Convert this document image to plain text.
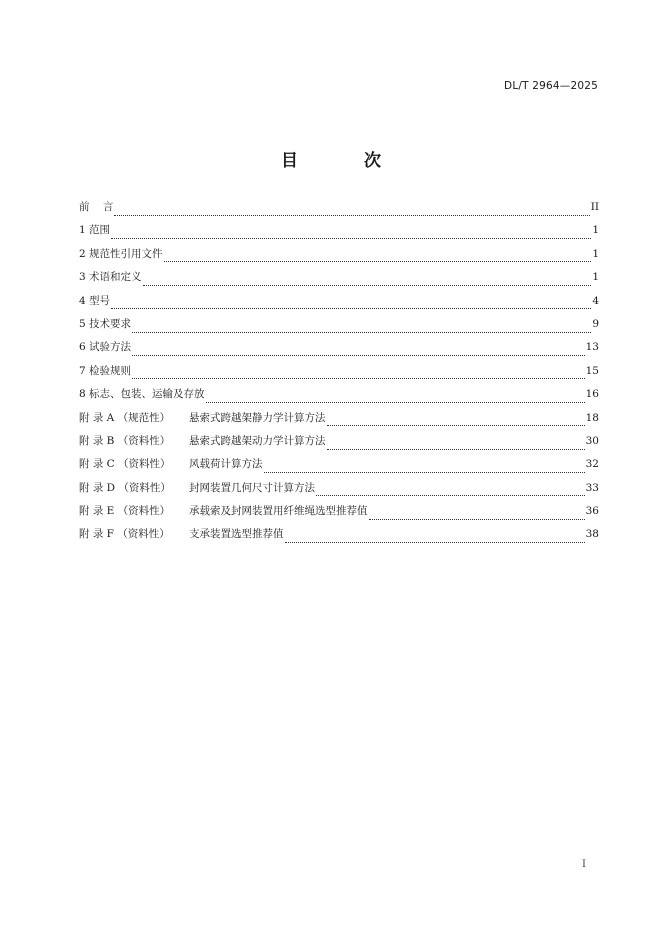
DL/T 2964—2025
目 次
前    言	II
1 范围	1
2 规范性引用文件	1
3 术语和定义	1
4 型号	4
5 技术要求	9
6 试验方法	13
7 检验规则	15
8 标志、包装、运输及存放	16
附 录 A （规范性） 悬索式跨越架静力学计算方法	18
附 录 B （资料性） 悬索式跨越架动力学计算方法	30
附 录 C （资料性） 风载荷计算方法	32
附 录 D （资料性） 封网装置几何尺寸计算方法	33
附 录 E （资料性） 承载索及封网装置用纤维绳选型推荐值	36
附 录 F （资料性） 支承装置选型推荐值	38
I
